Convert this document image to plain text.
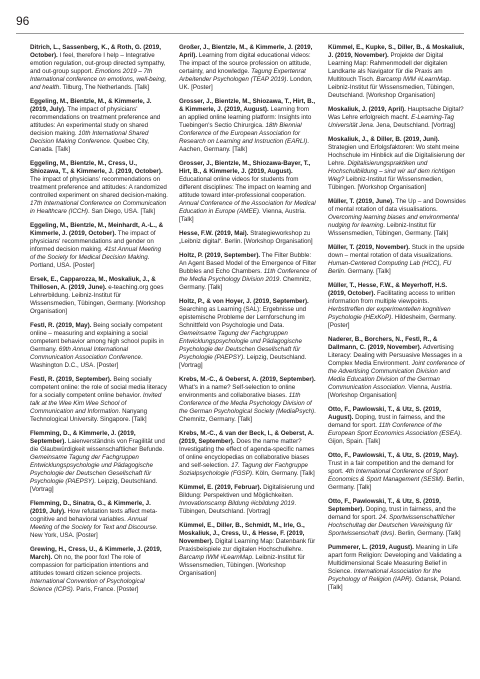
96

Ditrich, L., Sassenberg, K., & Roth, G. (2019, October). I feel, therefore I help – Integrative emotion regulation, out-group directed sympathy, and out-group support. Emotions 2019 – 7th International conference on emotions, well-being, and health. Tilburg, The Netherlands. [Talk]

Eggeling, M., Bientzle, M., & Kimmerle, J. (2019, July). The impact of physicians' recommendations on treatment preference and attitudes: An experimental study on shared decision making. 10th International Shared Decision Making Conference. Quebec City, Canada. [Talk]

Eggeling, M., Bientzle, M., Cress, U., Shiozawa, T., & Kimmerle, J. (2019, October). The impact of physicians' recommendations on treatment preference and attitudes: A randomized controlled experiment on shared decision-making. 17th International Conference on Communication in Healthcare (ICCH). San Diego, USA. [Talk]

Eggeling, M., Bientzle, M., Meinhardt, A.-L., & Kimmerle, J. (2019, October). The impact of physicians' recommendations and gender on informed decision making. 41st Annual Meeting of the Society for Medical Decision Making. Portland, USA. [Poster]

Ersek, E., Capparozza, M., Moskaliuk, J., & Thillosen, A. (2019, June). e-teaching.org goes Lehrerbildung. Leibniz-Institut für Wissensmedien, Tübingen, Germany. [Workshop Organisation]

Festl, R. (2019, May). Being socially competent online – measuring and explaining a social competent behavior among high school pupils in Germany. 69th Annual International Communication Association Conference. Washington D.C., USA. [Poster]

Festl, R. (2019, September). Being socially competent online: the role of social media literacy for a socially competent online behavior. Invited talk at the Wee Kim Wee School of Communication and Information. Nanyang Technological University. Singapore. [Talk]

Flemming, D., & Kimmerle, J. (2019, September). Laienverständnis von Fragilität und die Glaubwürdigkeit wissenschaftlicher Befunde. Gemeinsame Tagung der Fachgruppen Entwicklungspsychologie und Pädagogische Psychologie der Deutschen Gesellschaft für Psychologie (PAEPSY). Leipzig, Deutschland. [Vortrag]

Flemming, D., Sinatra, G., & Kimmerle, J. (2019, July). How refutation texts affect meta-cognitive and behavioral variables. Annual Meeting of the Society for Text and Discourse. New York, USA. [Poster]

Grewing, H., Cress, U., & Kimmerle, J. (2019, March). Oh no, the poor fox! The role of compassion for participation intentions and attitudes toward citizen science projects. International Convention of Psychological Science (ICPS). Paris, France. [Poster]

Großer, J., Bientzle, M., & Kimmerle, J. (2019, April). Learning from digital educational videos: The impact of the source profession on attitude, certainty, and knowledge. Tagung Expertenrat Arbeitender Psychologen (TEAP 2019). London, UK. [Poster]

Grosser, J., Bientzle, M., Shiozawa, T., Hirt, B., & Kimmerle, J. (2019, August). Learning from an applied online learning platform: Insights into Tuebingen's Sectio Chirurgica. 18th Biennial Conference of the European Association for Research on Learning and Instruction (EARLI). Aachen, Germany. [Talk]

Grosser, J., Bientzle, M., Shiozawa-Bayer, T., Hirt, B., & Kimmerle, J. (2019, August). Educational online videos for students from different disciplines: The impact on learning and attitude toward inter-professional cooperation. Annual Conference of the Association for Medical Education in Europe (AMEE). Vienna, Austria. [Talk]

Hesse, F.W. (2019, Mai). Strategieworkshop zu „Leibniz digital“. Berlin. [Workshop Organisation]

Holtz, P. (2019, September). The Filter Bubble: An Agent Based Model of the Emergence of Filter Bubbles and Echo Chambers. 11th Conference of the Media Psychology Division 2019. Chemnitz, Germany. [Talk]

Holtz, P., & von Hoyer, J. (2019, September). Searching as Learning (SAL): Ergebnisse und epistemische Probleme der Lernforschung im Schnittfeld von Psychologie und Data. Gemeinsame Tagung der Fachgruppen Entwicklungspsychologie und Pädagogische Psychologie der Deutschen Gesellschaft für Psychologie (PAEPSY). Leipzig, Deutschland. [Vortrag]

Krebs, M.-C., & Oeberst, A. (2019, September). What's in a name? Self-selection to online environments and collaborative biases. 11th Conference of the Media Psychology Division of the German Psychological Society (MediaPsych). Chemnitz, Germany. [Talk]

Krebs, M.-C., & van der Beck, I., & Oeberst, A. (2019, September). Does the name matter? Investigating the effect of agenda-specific names of online encyclopedias on collaborative biases and self-selection. 17. Tagung der Fachgruppe Sozialpsychologie (FGSP). Köln, Germany. [Talk]

Kümmel, E. (2019, Februar). Digitalisierung und Bildung: Perspektiven und Möglichkeiten. Innovationscamp Bildung #icbildung 2019. Tübingen, Deutschland. [Vortrag]

Kümmel, E., Diller, B., Schmidt, M., Irle, G., Moskaliuk, J., Cress, U., & Hesse, F. (2019, November). Digital Learning Map: Datenbank für Praxisbeispiele zur digitalen Hochschullehre. Barcamp IWM #LearnMap. Leibniz-Institut für Wissensmedien, Tübingen. [Workshop Organisation]

Kümmel, E., Kupke, S., Diller, B., & Moskaliuk, J. (2019, November). Projekte der Digital Learning Map: Rahmenmodell der digitalen Landkarte als Navigator für die Praxis am Multitouch Tisch. Barcamp IWM #LearnMap. Leibniz-Institut für Wissensmedien, Tübingen, Deutschland. [Workshop Organisation]

Moskaliuk, J. (2019, April). Hauptsache Digital? Was Lehre erfolgreich macht. E-Learning-Tag Universität Jena. Jena, Deutschland. [Vortrag]

Moskaliuk, J., & Diller, B. (2019, Juni). Strategien und Erfolgsfaktoren: Wo steht meine Hochschule im Hinblick auf die Digitalisierung der Lehre. Digitalisierungspraktiken und Hochschulbildung – sind wir auf dem richtigen Weg? Leibniz-Institut für Wissensmedien, Tübingen. [Workshop Organisation]

Müller, T. (2019, June). The Up – and Downsides of mental rotation of data visualisations. Overcoming learning biases and environmental nudging for learning. Leibniz-Institut für Wissensmedien, Tübingen, Germany. [Talk]

Müller, T. (2019, November). Stuck in the upside down – mental rotation of data visualizations. Human-Centered Computing Lab (HCC), FU Berlin. Germany. [Talk]

Müller, T., Hesse, F.W., & Meyerhoff, H.S. (2019, October). Facilitating access to written information from multiple viewpoints. Herbsttreffen der experimentellen kognitiven Psychologie (HExKoP). Hildesheim, Germany. [Poster]

Naderer, B., Borchers, N., Festl, R., & Dallmann, C. (2019, November). Advertising Literacy: Dealing with Persuasive Messages in a Complex Media Environment. Joint conference of the Advertising Communication Division and Media Education Division of the German Communication Association. Vienna, Austria. [Workshop Organisation]

Otto, F., Pawlowski, T., & Utz, S. (2019, August). Doping, trust in fairness, and the demand for sport. 11th Conference of the European Sport Economics Association (ESEA). Gijon, Spain. [Talk]

Otto, F., Pawlowski, T., & Utz, S. (2019, May). Trust in a fair competition and the demand for sport. 4th International Conference of Sport Economics & Sport Management (SESM). Berlin, Germany. [Talk]

Otto, F., Pawlowski, T., & Utz, S. (2019, September). Doping, trust in fairness, and the demand for sport. 24. Sportwissenschaftlicher Hochschultag der Deutschen Vereinigung für Sportwissenschaft (dvs). Berlin, Germany. [Talk]

Pummerer, L. (2019, August). Meaning in Life apart form Religion: Developing and Validating a Multidimensional Scale Measuring Belief in Science. International Association for the Psychology of Religion (IAPR). Gdansk, Poland. [Talk]
